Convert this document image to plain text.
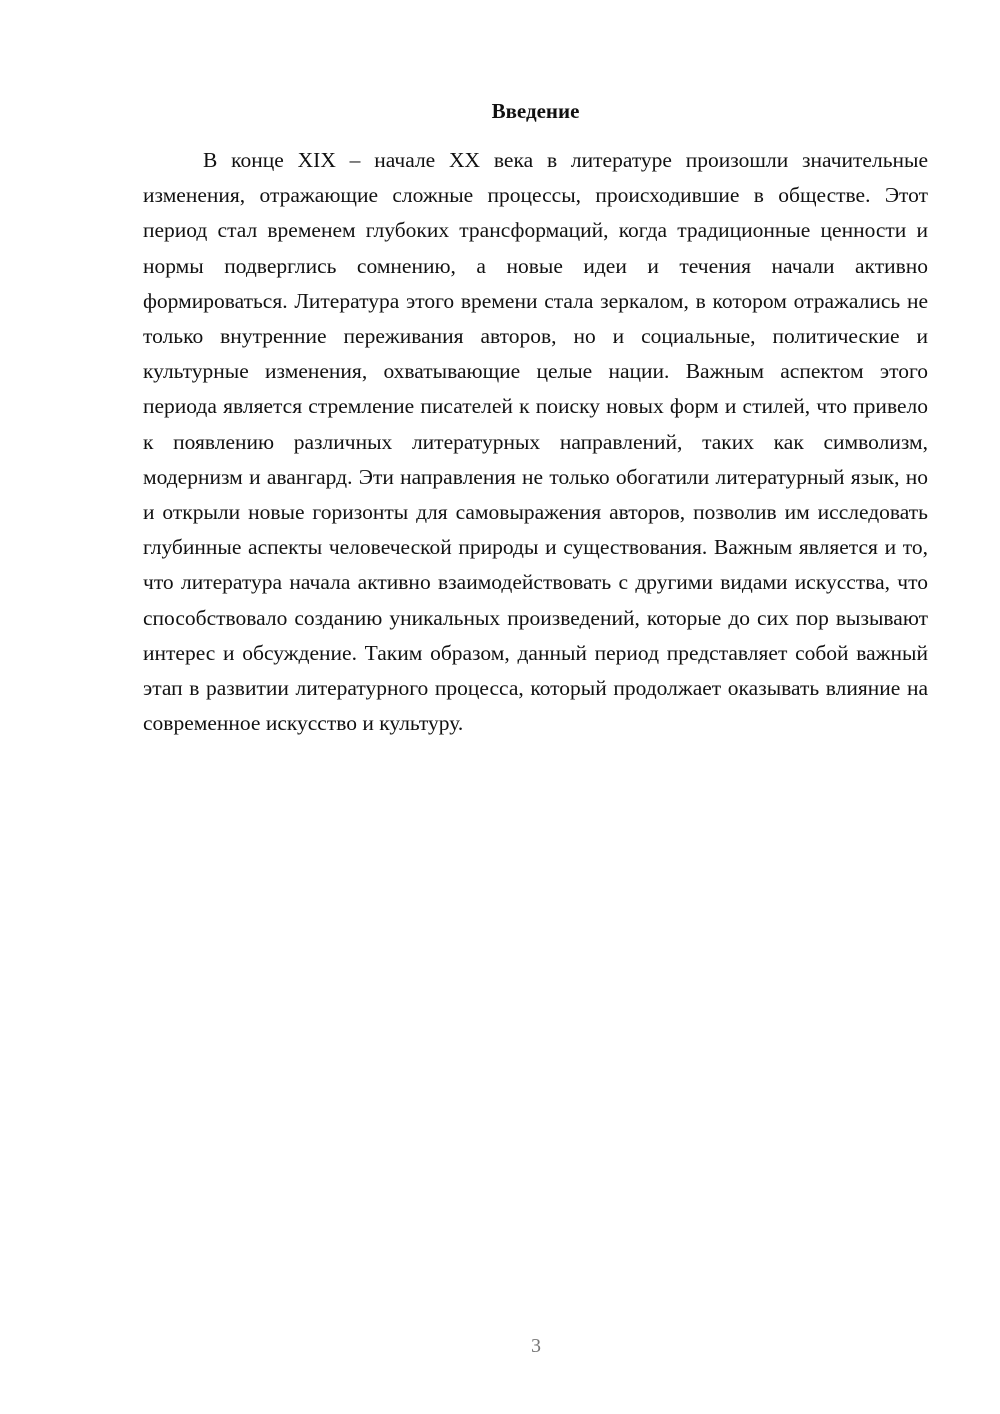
Введение

В конце XIX – начале XX века в литературе произошли значительные изменения, отражающие сложные процессы, происходившие в обществе. Этот период стал временем глубоких трансформаций, когда традиционные ценности и нормы подверглись сомнению, а новые идеи и течения начали активно формироваться. Литература этого времени стала зеркалом, в котором отражались не только внутренние переживания авторов, но и социальные, политические и культурные изменения, охватывающие целые нации. Важным аспектом этого периода является стремление писателей к поиску новых форм и стилей, что привело к появлению различных литературных направлений, таких как символизм, модернизм и авангард. Эти направления не только обогатили литературный язык, но и открыли новые горизонты для самовыражения авторов, позволив им исследовать глубинные аспекты человеческой природы и существования. Важным является и то, что литература начала активно взаимодействовать с другими видами искусства, что способствовало созданию уникальных произведений, которые до сих пор вызывают интерес и обсуждение. Таким образом, данный период представляет собой важный этап в развитии литературного процесса, который продолжает оказывать влияние на современное искусство и культуру.

3
